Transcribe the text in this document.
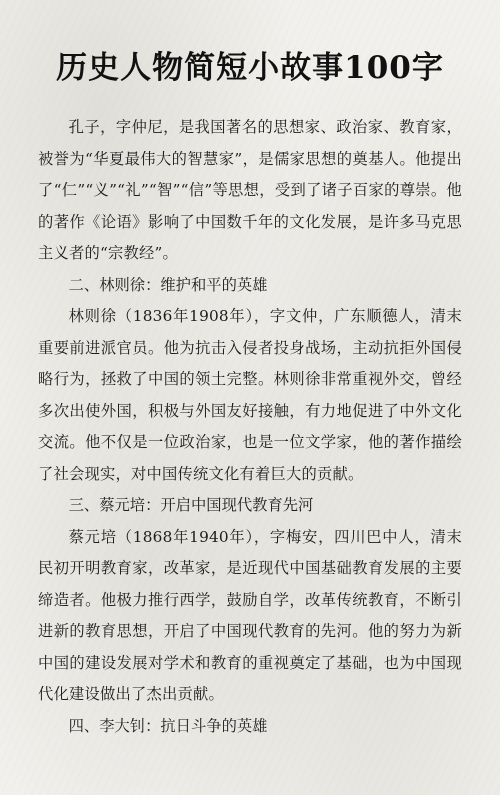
历史人物简短小故事100字

孔子，字仲尼，是我国著名的思想家、政治家、教育家，被誉为“华夏最伟大的智慧家”，是儒家思想的奠基人。他提出了“仁”“义”“礼”“智”“信”等思想，受到了诸子百家的尊崇。他的著作《论语》影响了中国数千年的文化发展，是许多马克思主义者的“宗教经”。

二、林则徐：维护和平的英雄

林则徐（1836年1908年），字文仲，广东顺德人，清末重要前进派官员。他为抗击入侵者投身战场，主动抗拒外国侵略行为，拯救了中国的领土完整。林则徐非常重视外交，曾经多次出使外国，积极与外国友好接触，有力地促进了中外文化交流。他不仅是一位政治家，也是一位文学家，他的著作描绘了社会现实，对中国传统文化有着巨大的贡献。

三、蔡元培：开启中国现代教育先河

蔡元培（1868年1940年），字梅安，四川巴中人，清末民初开明教育家，改革家，是近现代中国基础教育发展的主要缔造者。他极力推行西学，鼓励自学，改革传统教育，不断引进新的教育思想，开启了中国现代教育的先河。他的努力为新中国的建设发展对学术和教育的重视奠定了基础，也为中国现代化建设做出了杰出贡献。

四、李大钊：抗日斗争的英雄
